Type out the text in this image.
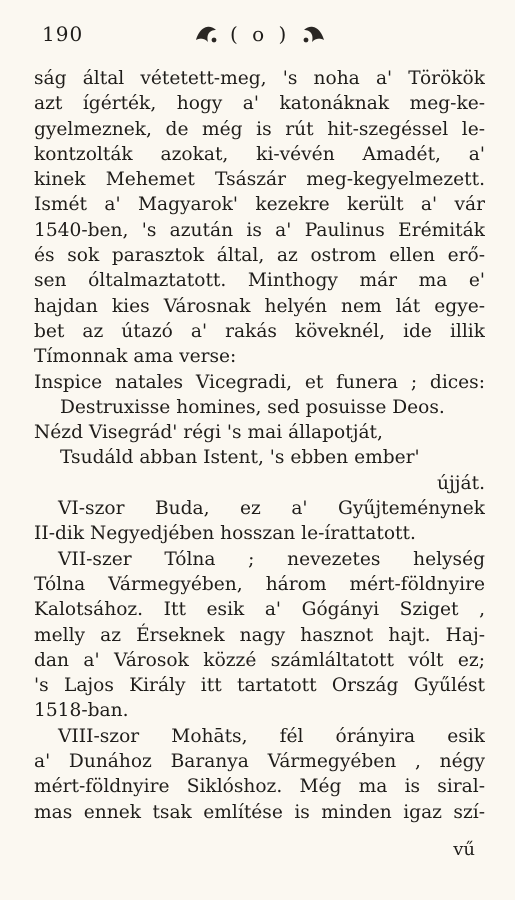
190	( o )
ság által vétetett-meg, 's noha a' Törökök
azt ígérték, hogy a' katonáknak meg-ke-
gyelmeznek, de még is rút hit-szegéssel le-
kontzolták azokat, ki-vévén Amadét, a'
kinek Mehemet Tsászár meg-kegyelmezett.
Ismét a' Magyarok' kezekre került a' vár
1540-ben, 's azután is a' Paulinus Erémiták
és sok parasztok által, az ostrom ellen erő-
sen óltalmaztatott. Minthogy már ma e'
hajdan kies Városnak helyén nem lát egye-
bet az útazó a' rakás köveknél, ide illik
Tímonnak ama verse:
Inspice natales Vicegradi, et funera ; dices:
Destruxisse homines, sed posuisse Deos.
Nézd Visegrád' régi 's mai állapotját,
Tsudáld abban Istent, 's ebben ember'
újját.
VI-szor Buda, ez a' Gyűjteménynek
II-dik Negyedjében hosszan le-írattatott.
VII-szer Tólna ; nevezetes helység
Tólna Vármegyében, három mért-földnyire
Kalotsához. Itt esik a' Gógányi Sziget ,
melly az Érseknek nagy hasznot hajt. Haj-
dan a' Városok közzé számláltatott vólt ez;
's Lajos Király itt tartatott Ország Gyűlést
1518-ban.
VIII-szor Mohāts, fél órányira esik
a' Dunához Baranya Vármegyében , négy
mért-földnyire Siklóshoz. Még ma is siral-
mas ennek tsak említése is minden igaz szí-
vű
